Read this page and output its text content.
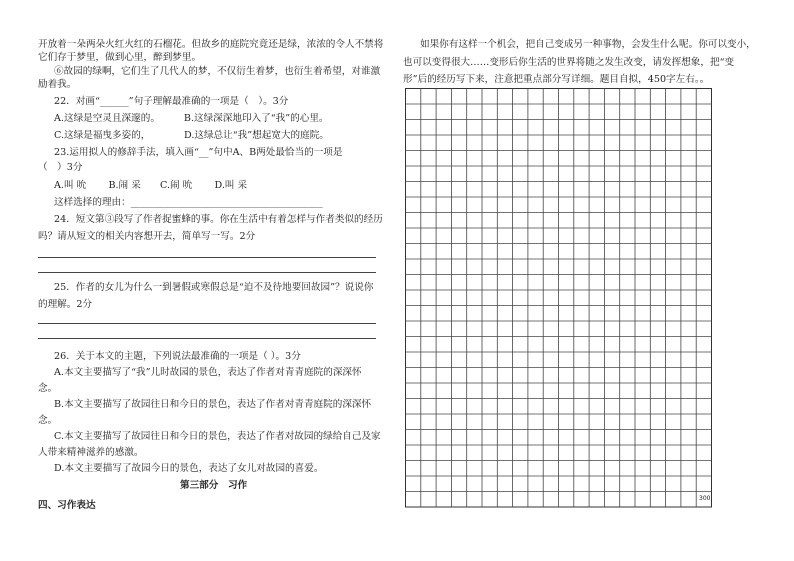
开放着一朵两朵火红火红的石榴花。但故乡的庭院究竟还是绿，浓浓的令人不禁将
它们存于梦里，做到心里，醉到梦里。
⑥故园的绿啊，它们生了几代人的梦，不仅衍生着梦，也衍生着希望，对谁激
励着我。
22．对画“______”句子理解最准确的一项是（　）。3分
A.这绿是空灵且深邃的。　　　B.这绿深深地印入了“我”的心里。
C.这绿是福曳多姿的，　　　　D.这绿总让“我”想起宽大的庭院。
23.运用拟人的修辞手法，填入画“__”句中A、B两处最恰当的一项是
（　）3分
A.叫 吮　　 B.闹 采　　C.闹 吮　　 D.叫 采
这样选择的理由：________________________________________
24．短文第③段写了作者捉蜜蜂的事。你在生活中有着怎样与作者类似的经历
吗？请从短文的相关内容想开去，简单写一写。2分
25．作者的女儿为什么一到暑假或寒假总是“迫不及待地要回故园”？说说你
的理解。2分
26．关于本文的主题，下列说法最准确的一项是（ ）。3分
A.本文主要描写了“我”儿时故园的景色，表达了作者对青青庭院的深深怀
念。
B.本文主要描写了故园往日和今日的景色，表达了作者对青青庭院的深深怀
念。
C.本文主要描写了故园往日和今日的景色，表达了作者对故园的绿给自己及家
人带来精神滋养的感激。
D.本文主要描写了故园今日的景色，表达了女儿对故园的喜爱。
第三部分　习作
四、习作表达
如果你有这样一个机会，把自己变成另一种事物，会发生什么呢。你可以变小，
也可以变得很大……变形后你生活的世界将随之发生改变，请发挥想象，把“变
形”后的经历写下来，注意把重点部分写详细。题目自拟，450字左右。。
300
